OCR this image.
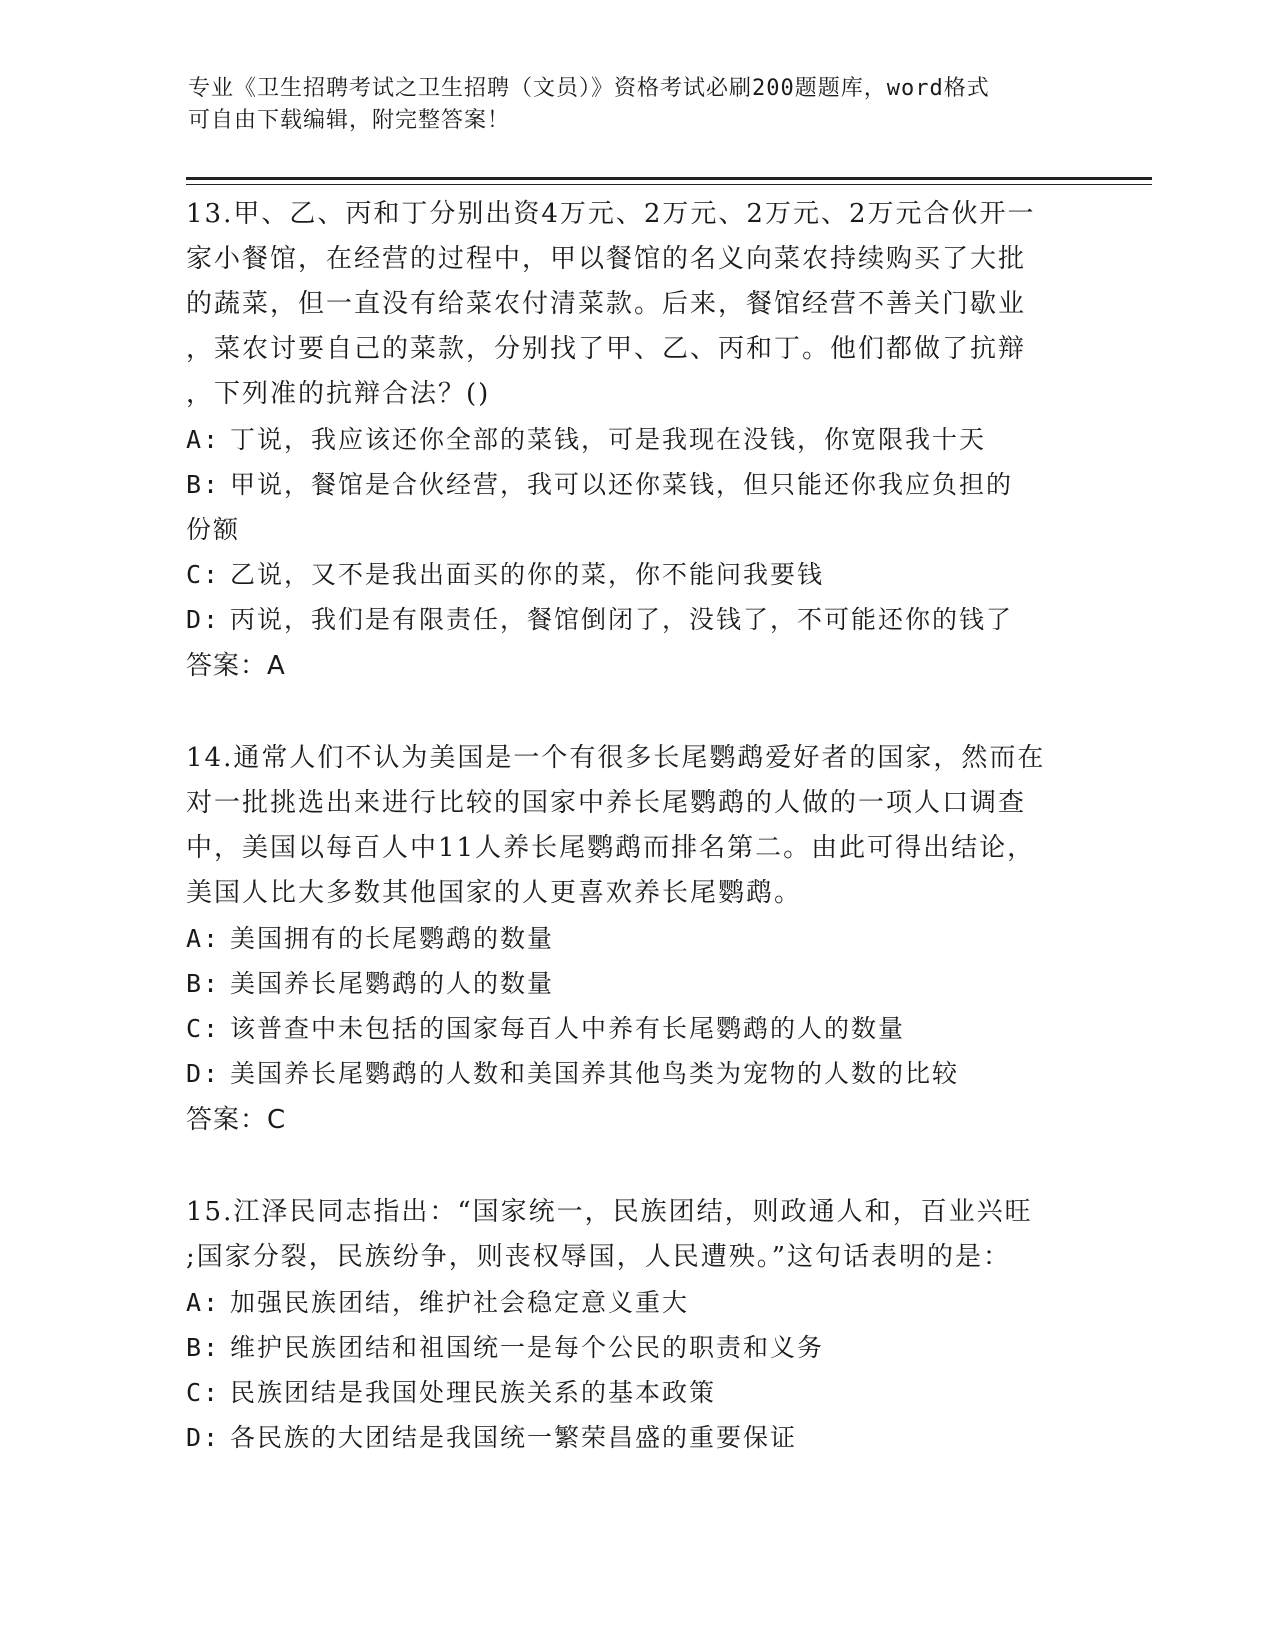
专业《卫生招聘考试之卫生招聘（文员）》资格考试必刷200题题库，word格式
可自由下载编辑，附完整答案！
13.甲、乙、丙和丁分别出资4万元、2万元、2万元、2万元合伙开一
家小餐馆，在经营的过程中，甲以餐馆的名义向菜农持续购买了大批
的蔬菜，但一直没有给菜农付清菜款。后来，餐馆经营不善关门歇业
，菜农讨要自己的菜款，分别找了甲、乙、丙和丁。他们都做了抗辩
，下列准的抗辩合法？()
A: 丁说，我应该还你全部的菜钱，可是我现在没钱，你宽限我十天
B: 甲说，餐馆是合伙经营，我可以还你菜钱，但只能还你我应负担的
份额
C: 乙说，又不是我出面买的你的菜，你不能问我要钱
D: 丙说，我们是有限责任，餐馆倒闭了，没钱了，不可能还你的钱了
答案：A
14.通常人们不认为美国是一个有很多长尾鹦鹉爱好者的国家，然而在
对一批挑选出来进行比较的国家中养长尾鹦鹉的人做的一项人口调查
中，美国以每百人中11人养长尾鹦鹉而排名第二。由此可得出结论，
美国人比大多数其他国家的人更喜欢养长尾鹦鹉。
A: 美国拥有的长尾鹦鹉的数量
B: 美国养长尾鹦鹉的人的数量
C: 该普查中未包括的国家每百人中养有长尾鹦鹉的人的数量
D: 美国养长尾鹦鹉的人数和美国养其他鸟类为宠物的人数的比较
答案：C
15.江泽民同志指出：“国家统一，民族团结，则政通人和，百业兴旺
;国家分裂，民族纷争，则丧权辱国，人民遭殃。”这句话表明的是：
A: 加强民族团结，维护社会稳定意义重大
B: 维护民族团结和祖国统一是每个公民的职责和义务
C: 民族团结是我国处理民族关系的基本政策
D: 各民族的大团结是我国统一繁荣昌盛的重要保证
